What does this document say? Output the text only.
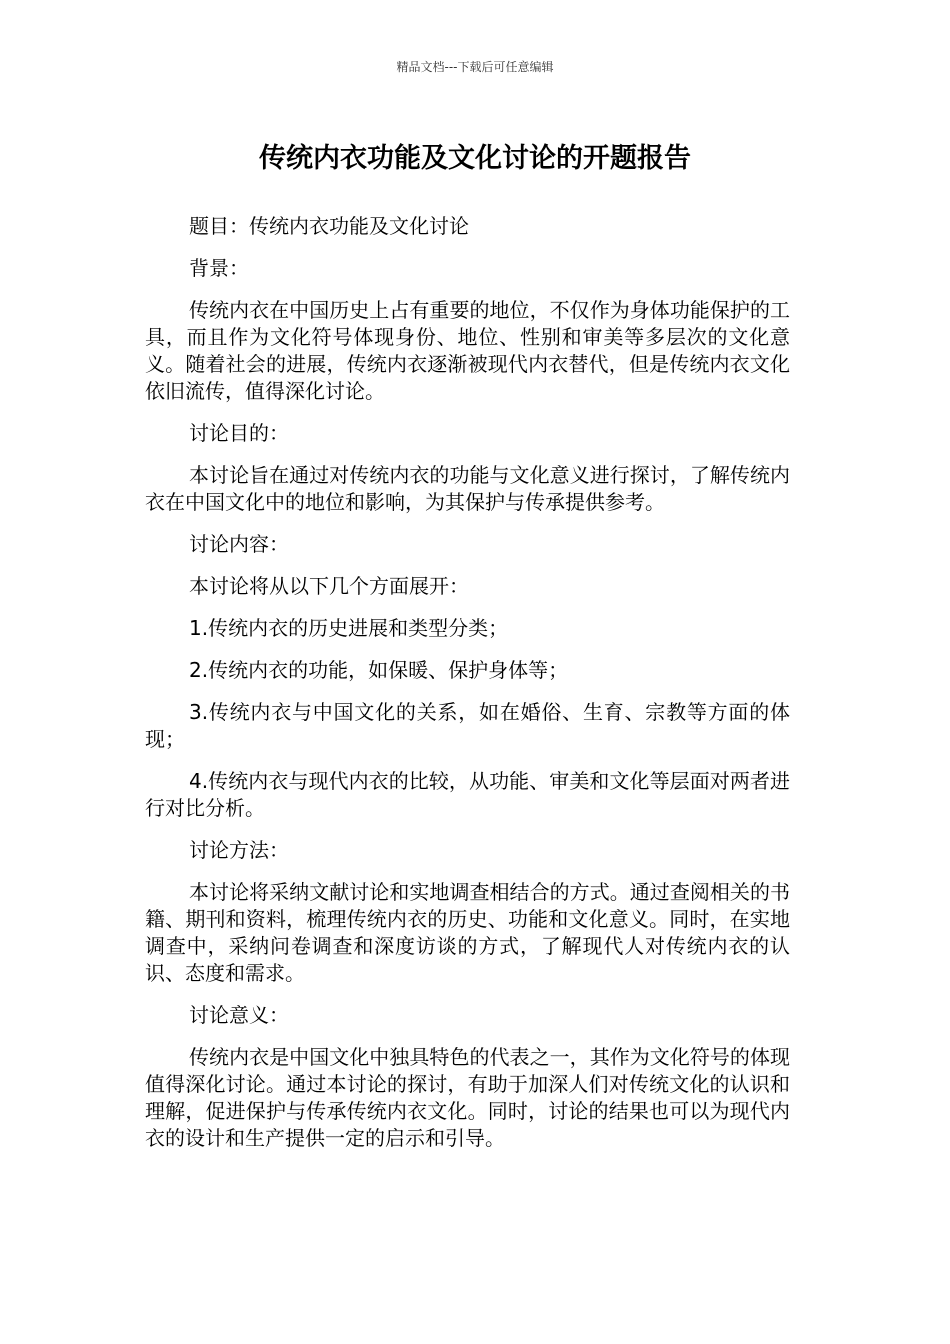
精品文档---下载后可任意编辑
传统内衣功能及文化讨论的开题报告

题目：传统内衣功能及文化讨论

背景：

传统内衣在中国历史上占有重要的地位，不仅作为身体功能保护的工具，而且作为文化符号体现身份、地位、性别和审美等多层次的文化意义。随着社会的进展，传统内衣逐渐被现代内衣替代，但是传统内衣文化依旧流传，值得深化讨论。

讨论目的：

本讨论旨在通过对传统内衣的功能与文化意义进行探讨，了解传统内衣在中国文化中的地位和影响，为其保护与传承提供参考。

讨论内容：

本讨论将从以下几个方面展开：

1.传统内衣的历史进展和类型分类；

2.传统内衣的功能，如保暖、保护身体等；

3.传统内衣与中国文化的关系，如在婚俗、生育、宗教等方面的体现；

4.传统内衣与现代内衣的比较，从功能、审美和文化等层面对两者进行对比分析。

讨论方法：

本讨论将采纳文献讨论和实地调查相结合的方式。通过查阅相关的书籍、期刊和资料，梳理传统内衣的历史、功能和文化意义。同时，在实地调查中，采纳问卷调查和深度访谈的方式，了解现代人对传统内衣的认识、态度和需求。

讨论意义：

传统内衣是中国文化中独具特色的代表之一，其作为文化符号的体现值得深化讨论。通过本讨论的探讨，有助于加深人们对传统文化的认识和理解，促进保护与传承传统内衣文化。同时，讨论的结果也可以为现代内衣的设计和生产提供一定的启示和引导。
